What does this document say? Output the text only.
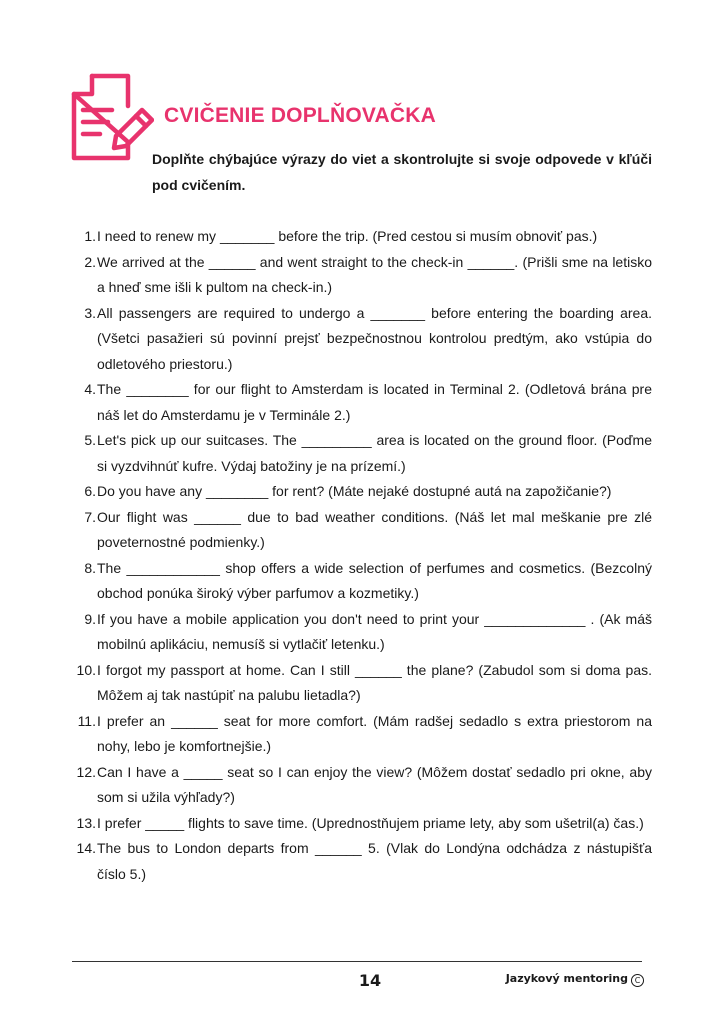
CVIČENIE DOPLŇOVAČKA

Doplňte chýbajúce výrazy do viet a skontrolujte si svoje odpovede v kľúči pod cvičením.

1. I need to renew my _______ before the trip. (Pred cestou si musím obnoviť pas.)
2. We arrived at the ______ and went straight to the check-in ______. (Prišli sme na letisko a hneď sme išli k pultom na check-in.)
3. All passengers are required to undergo a _______ before entering the boarding area. (Všetci pasažieri sú povinní prejsť bezpečnostnou kontrolou predtým, ako vstúpia do odletového priestoru.)
4. The ________ for our flight to Amsterdam is located in Terminal 2. (Odletová brána pre náš let do Amsterdamu je v Terminále 2.)
5. Let's pick up our suitcases. The _________ area is located on the ground floor. (Poďme si vyzdvihnúť kufre. Výdaj batožiny je na prízemí.)
6. Do you have any ________ for rent? (Máte nejaké dostupné autá na zapožičanie?)
7. Our flight was ______ due to bad weather conditions. (Náš let mal meškanie pre zlé poveternostné podmienky.)
8. The ____________ shop offers a wide selection of perfumes and cosmetics. (Bezcolný obchod ponúka široký výber parfumov a kozmetiky.)
9. If you have a mobile application you don't need to print your _____________ . (Ak máš mobilnú aplikáciu, nemusíš si vytlačiť letenku.)
10. I forgot my passport at home. Can I still ______ the plane? (Zabudol som si doma pas. Môžem aj tak nastúpiť na palubu lietadla?)
11. I prefer an ______ seat for more comfort. (Mám radšej sedadlo s extra priestorom na nohy, lebo je komfortnejšie.)
12. Can I have a _____ seat so I can enjoy the view? (Môžem dostať sedadlo pri okne, aby som si užila výhľady?)
13. I prefer _____ flights to save time. (Uprednostňujem priame lety, aby som ušetril(a) čas.)
14. The bus to London departs from ______ 5. (Vlak do Londýna odchádza z nástupišťa číslo 5.)
14	Jazykový mentoring C
